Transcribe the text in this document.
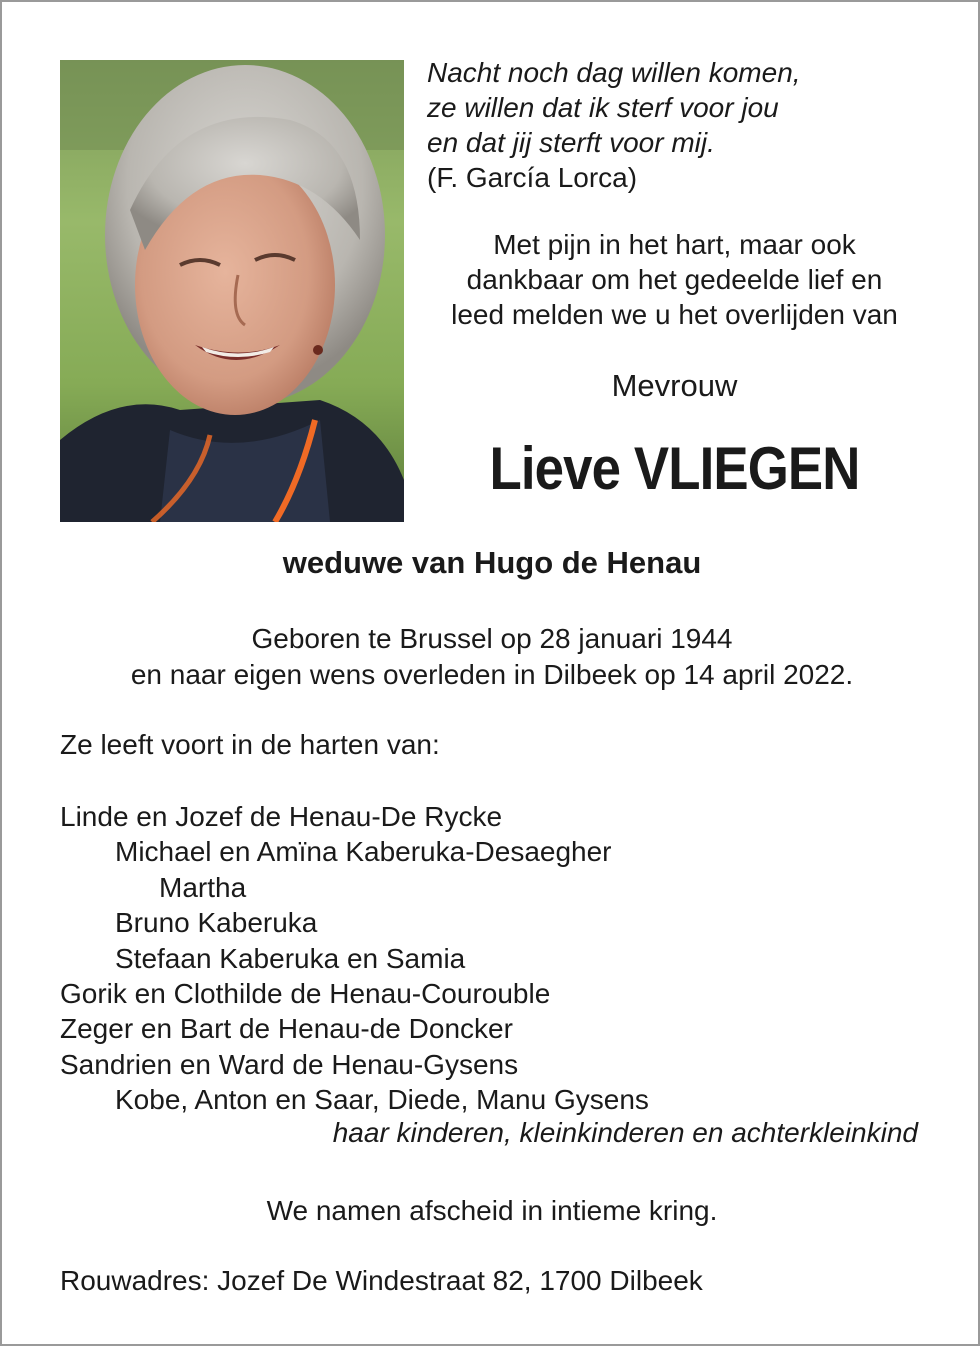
Nacht noch dag willen komen,
ze willen dat ik sterf voor jou
en dat jij sterft voor mij.
(F. García Lorca)
Met pijn in het hart, maar ook
dankbaar om het gedeelde lief en
leed melden we u het overlijden van
Mevrouw
Lieve VLIEGEN
weduwe van Hugo de Henau
Geboren te Brussel op 28 januari 1944
en naar eigen wens overleden in Dilbeek op 14 april 2022.
Ze leeft voort in de harten van:
Linde en Jozef de Henau-De Rycke
Michael en Amïna Kaberuka-Desaegher
Martha
Bruno Kaberuka
Stefaan Kaberuka en Samia
Gorik en Clothilde de Henau-Courouble
Zeger en Bart de Henau-de Doncker
Sandrien en Ward de Henau-Gysens
Kobe, Anton en Saar, Diede, Manu Gysens
haar kinderen, kleinkinderen en achterkleinkind
We namen afscheid in intieme kring.
Rouwadres: Jozef De Windestraat 82, 1700 Dilbeek
